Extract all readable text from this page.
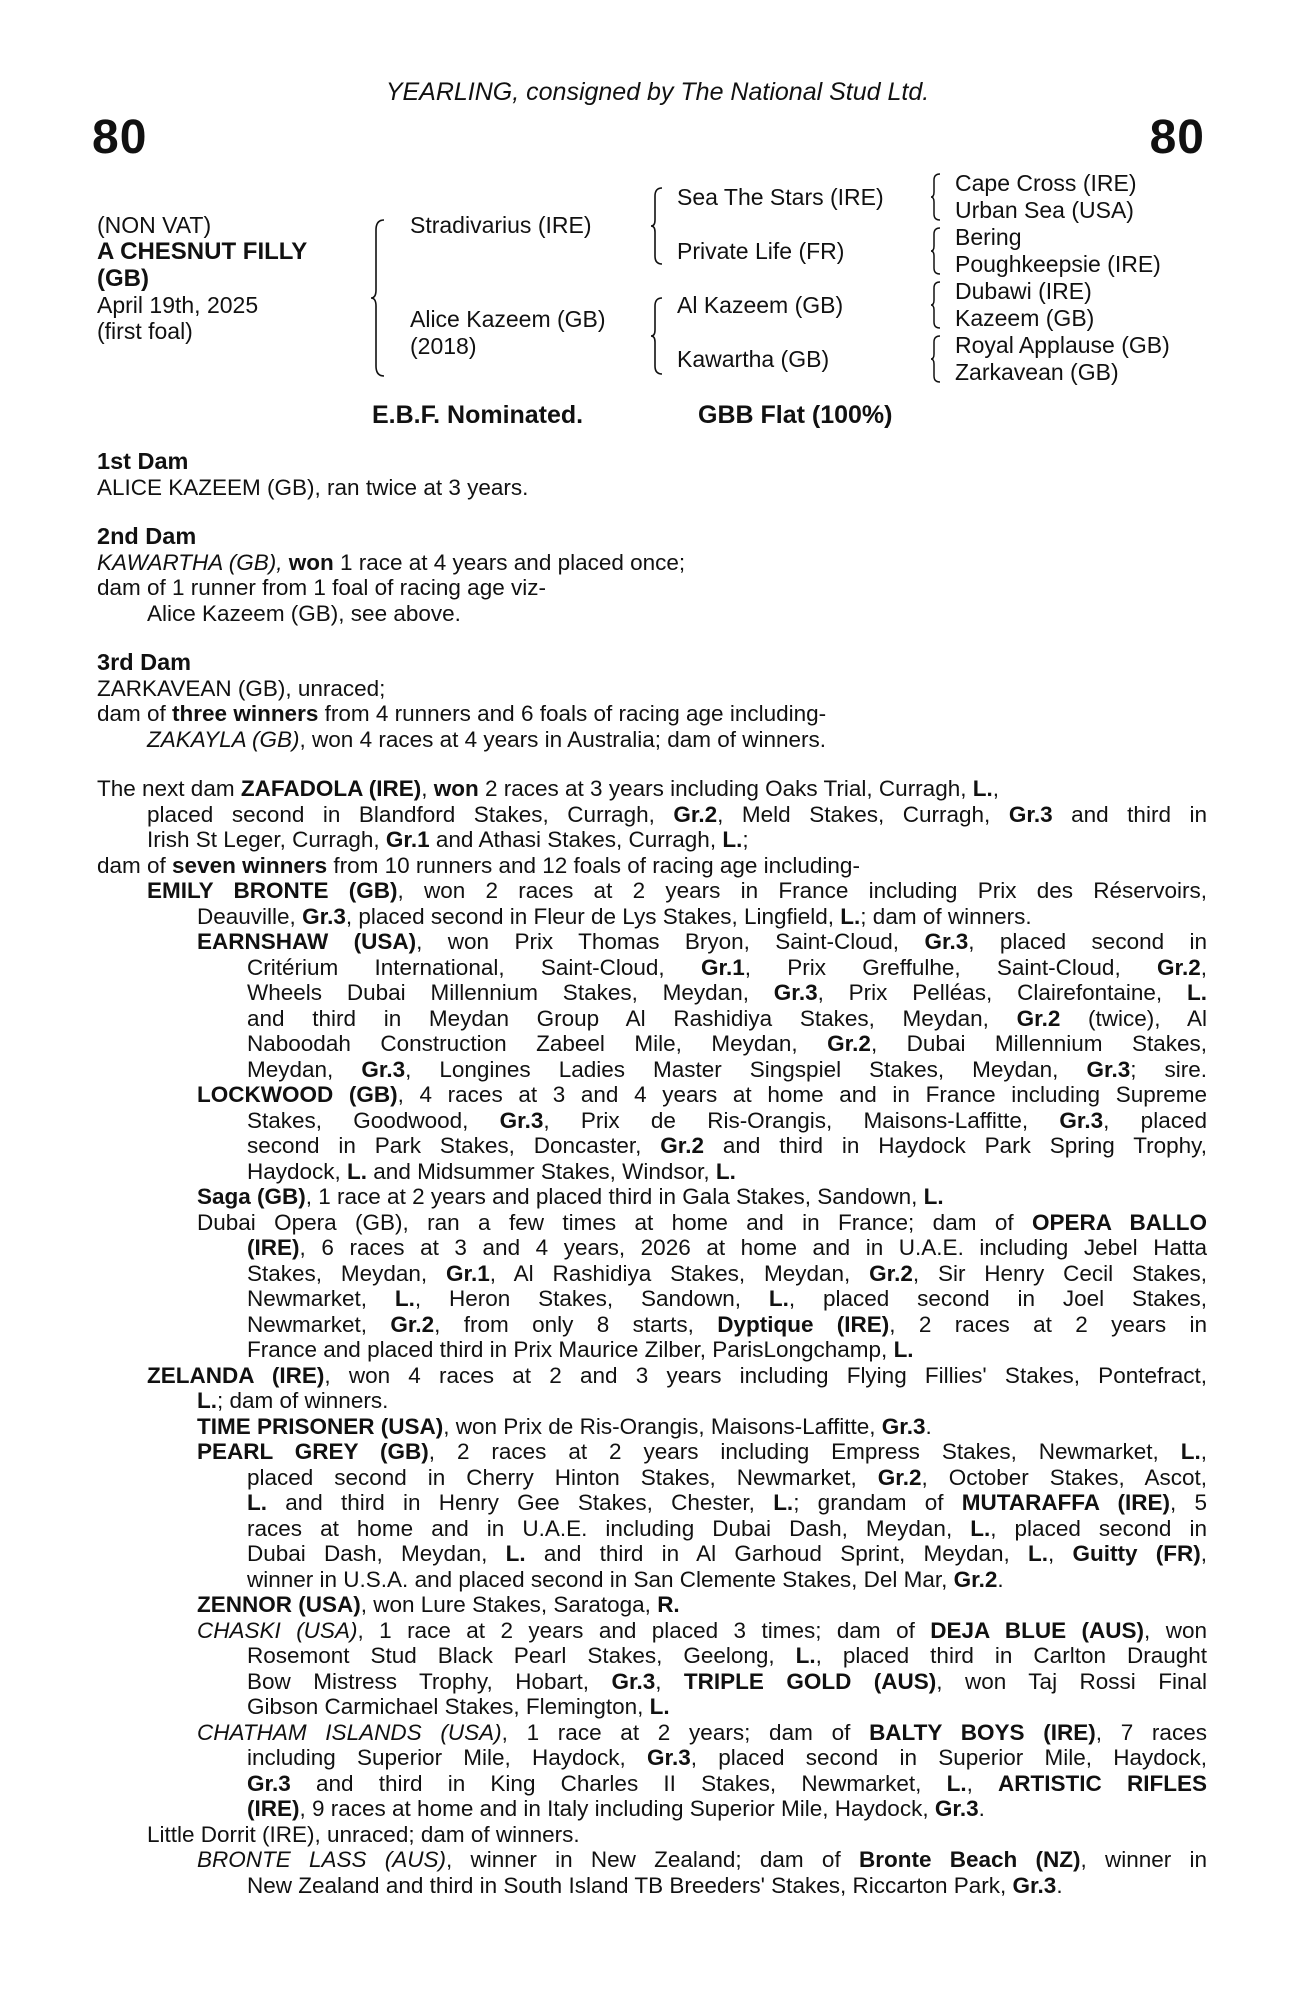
YEARLING, consigned by The National Stud Ltd.
80	80
(NON VAT)
A CHESNUT FILLY
(GB)
April 19th, 2025
(first foal)
Stradivarius (IRE)
Alice Kazeem (GB)
(2018)
Sea The Stars (IRE)
Private Life (FR)
Al Kazeem (GB)
Kawartha (GB)
Cape Cross (IRE)
Urban Sea (USA)
Bering
Poughkeepsie (IRE)
Dubawi (IRE)
Kazeem (GB)
Royal Applause (GB)
Zarkavean (GB)
E.B.F. Nominated.	GBB Flat (100%)
1st Dam
ALICE KAZEEM (GB), ran twice at 3 years.
2nd Dam
KAWARTHA (GB), won 1 race at 4 years and placed once;
dam of 1 runner from 1 foal of racing age viz-
Alice Kazeem (GB), see above.
3rd Dam
ZARKAVEAN (GB), unraced;
dam of three winners from 4 runners and 6 foals of racing age including-
ZAKAYLA (GB), won 4 races at 4 years in Australia; dam of winners.
The next dam ZAFADOLA (IRE), won 2 races at 3 years including Oaks Trial, Curragh, L.,
placed second in Blandford Stakes, Curragh, Gr.2, Meld Stakes, Curragh, Gr.3 and third in
Irish St Leger, Curragh, Gr.1 and Athasi Stakes, Curragh, L.;
dam of seven winners from 10 runners and 12 foals of racing age including-
EMILY BRONTE (GB), won 2 races at 2 years in France including Prix des Réservoirs,
Deauville, Gr.3, placed second in Fleur de Lys Stakes, Lingfield, L.; dam of winners.
EARNSHAW (USA), won Prix Thomas Bryon, Saint-Cloud, Gr.3, placed second in
Critérium International, Saint-Cloud, Gr.1, Prix Greffulhe, Saint-Cloud, Gr.2,
Wheels Dubai Millennium Stakes, Meydan, Gr.3, Prix Pelléas, Clairefontaine, L.
and third in Meydan Group Al Rashidiya Stakes, Meydan, Gr.2 (twice), Al
Naboodah Construction Zabeel Mile, Meydan, Gr.2, Dubai Millennium Stakes,
Meydan, Gr.3, Longines Ladies Master Singspiel Stakes, Meydan, Gr.3; sire.
LOCKWOOD (GB), 4 races at 3 and 4 years at home and in France including Supreme
Stakes, Goodwood, Gr.3, Prix de Ris-Orangis, Maisons-Laffitte, Gr.3, placed
second in Park Stakes, Doncaster, Gr.2 and third in Haydock Park Spring Trophy,
Haydock, L. and Midsummer Stakes, Windsor, L.
Saga (GB), 1 race at 2 years and placed third in Gala Stakes, Sandown, L.
Dubai Opera (GB), ran a few times at home and in France; dam of OPERA BALLO
(IRE), 6 races at 3 and 4 years, 2026 at home and in U.A.E. including Jebel Hatta
Stakes, Meydan, Gr.1, Al Rashidiya Stakes, Meydan, Gr.2, Sir Henry Cecil Stakes,
Newmarket, L., Heron Stakes, Sandown, L., placed second in Joel Stakes,
Newmarket, Gr.2, from only 8 starts, Dyptique (IRE), 2 races at 2 years in
France and placed third in Prix Maurice Zilber, ParisLongchamp, L.
ZELANDA (IRE), won 4 races at 2 and 3 years including Flying Fillies' Stakes, Pontefract,
L.; dam of winners.
TIME PRISONER (USA), won Prix de Ris-Orangis, Maisons-Laffitte, Gr.3.
PEARL GREY (GB), 2 races at 2 years including Empress Stakes, Newmarket, L.,
placed second in Cherry Hinton Stakes, Newmarket, Gr.2, October Stakes, Ascot,
L. and third in Henry Gee Stakes, Chester, L.; grandam of MUTARAFFA (IRE), 5
races at home and in U.A.E. including Dubai Dash, Meydan, L., placed second in
Dubai Dash, Meydan, L. and third in Al Garhoud Sprint, Meydan, L., Guitty (FR),
winner in U.S.A. and placed second in San Clemente Stakes, Del Mar, Gr.2.
ZENNOR (USA), won Lure Stakes, Saratoga, R.
CHASKI (USA), 1 race at 2 years and placed 3 times; dam of DEJA BLUE (AUS), won
Rosemont Stud Black Pearl Stakes, Geelong, L., placed third in Carlton Draught
Bow Mistress Trophy, Hobart, Gr.3, TRIPLE GOLD (AUS), won Taj Rossi Final
Gibson Carmichael Stakes, Flemington, L.
CHATHAM ISLANDS (USA), 1 race at 2 years; dam of BALTY BOYS (IRE), 7 races
including Superior Mile, Haydock, Gr.3, placed second in Superior Mile, Haydock,
Gr.3 and third in King Charles II Stakes, Newmarket, L., ARTISTIC RIFLES
(IRE), 9 races at home and in Italy including Superior Mile, Haydock, Gr.3.
Little Dorrit (IRE), unraced; dam of winners.
BRONTE LASS (AUS), winner in New Zealand; dam of Bronte Beach (NZ), winner in
New Zealand and third in South Island TB Breeders' Stakes, Riccarton Park, Gr.3.
